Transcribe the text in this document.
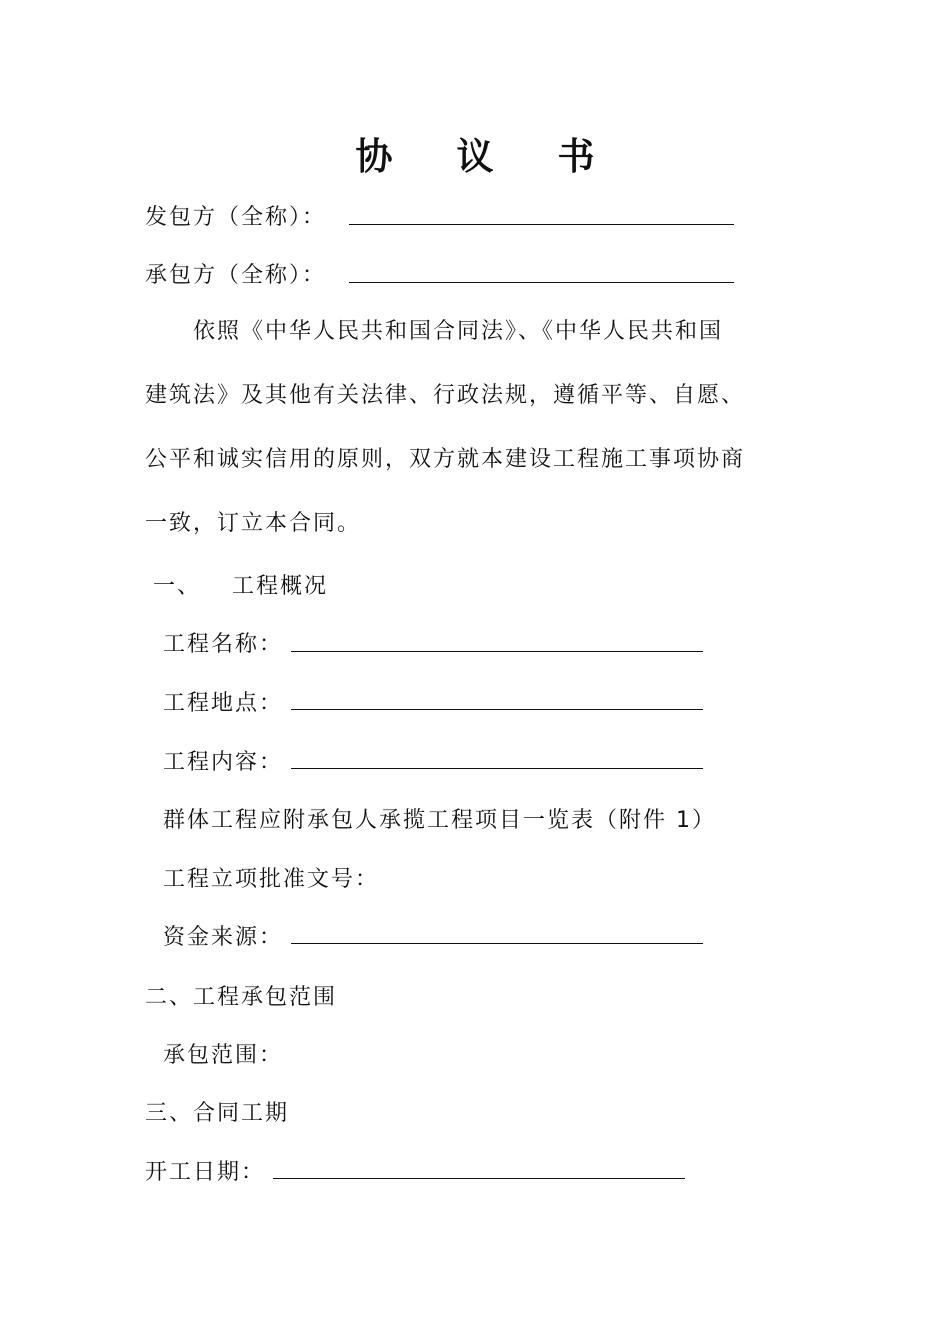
协 议 书
发包方（全称）：
承包方（全称）：

　　依照《中华人民共和国合同法》、《中华人民共和国

建筑法》及其他有关法律、行政法规，遵循平等、自愿、

公平和诚实信用的原则，双方就本建设工程施工事项协商

一致，订立本合同。

一、 工程概况
工程名称：
工程地点：
工程内容：
群体工程应附承包人承揽工程项目一览表（附件 1）
工程立项批准文号：
资金来源：
二、工程承包范围
承包范围：
三、合同工期
开工日期：
